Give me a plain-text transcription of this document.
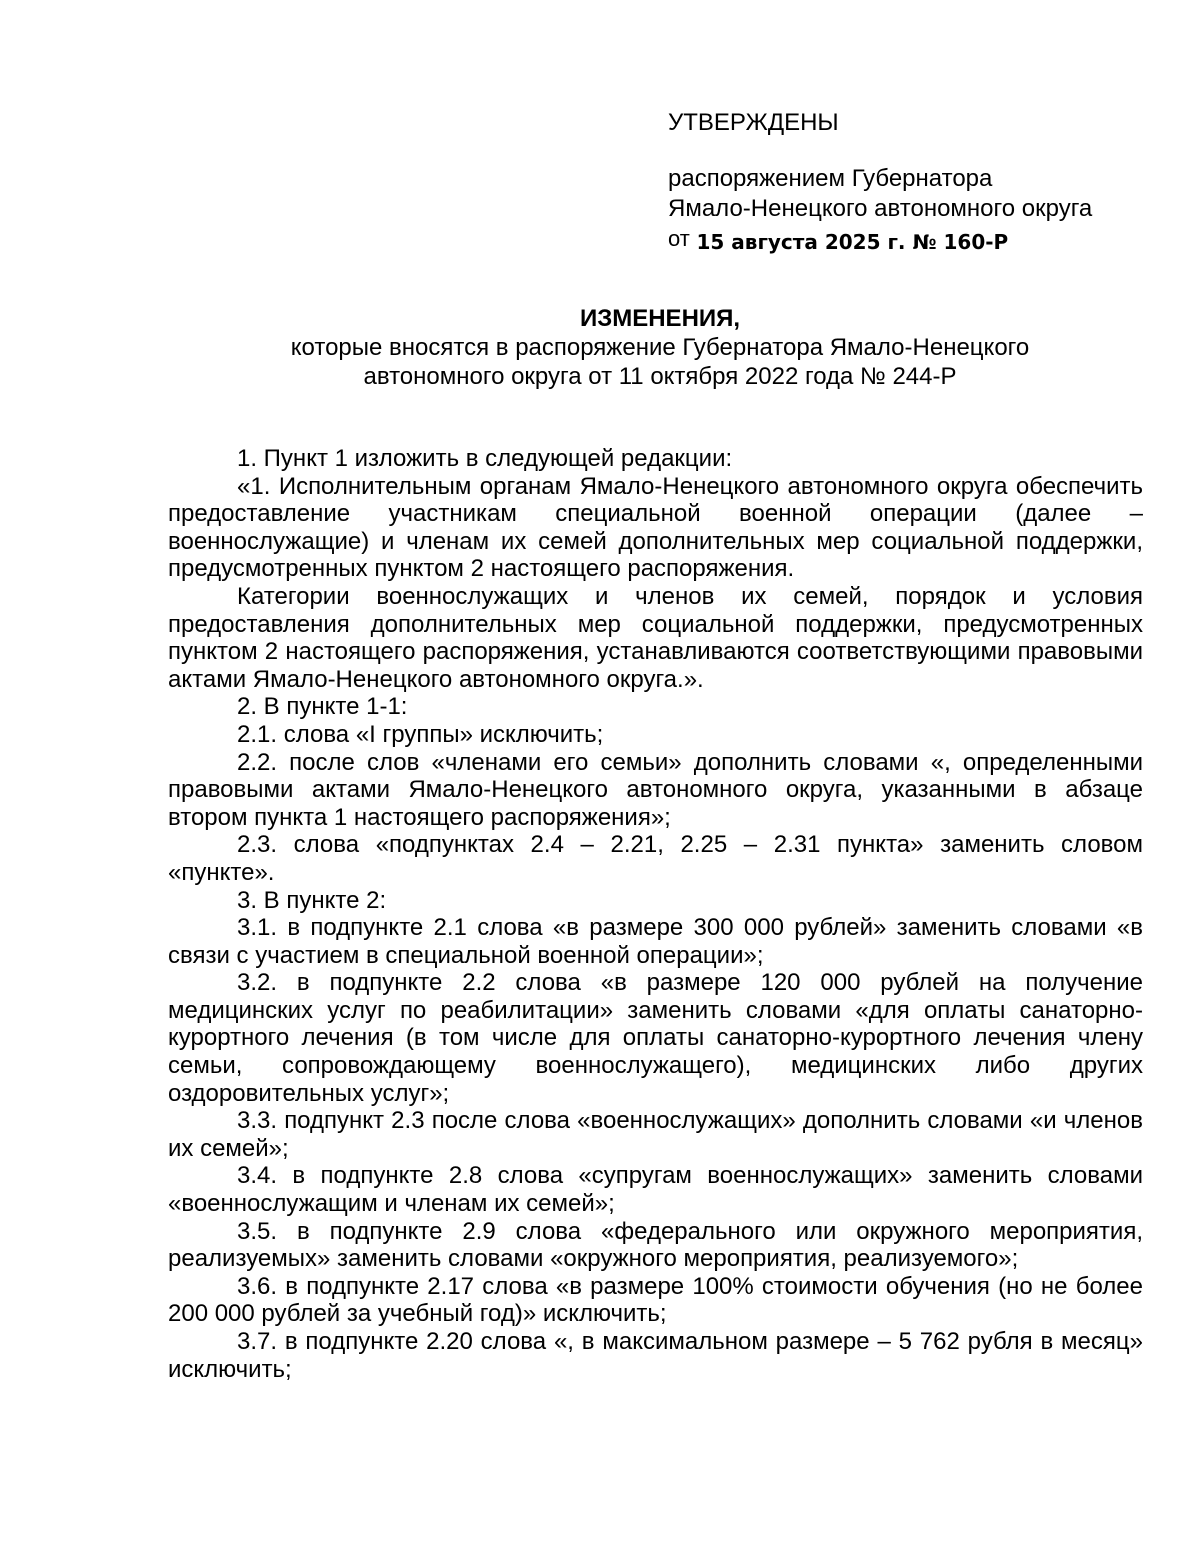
УТВЕРЖДЕНЫ

распоряжением Губернатора

Ямало-Ненецкого автономного округа

от 15 августа 2025 г. № 160-Р

ИЗМЕНЕНИЯ,

которые вносятся в распоряжение Губернатора Ямало-Ненецкого

автономного округа от 11 октября 2022 года № 244-Р

1. Пункт 1 изложить в следующей редакции:

«1. Исполнительным органам Ямало-Ненецкого автономного округа обеспечить предоставление участникам специальной военной операции (далее – военнослужащие) и членам их семей дополнительных мер социальной поддержки, предусмотренных пунктом 2 настоящего распоряжения.

Категории военнослужащих и членов их семей, порядок и условия предоставления дополнительных мер социальной поддержки, предусмотренных пунктом 2 настоящего распоряжения, устанавливаются соответствующими правовыми актами Ямало-Ненецкого автономного округа.».

2. В пункте 1-1:

2.1. слова «I группы» исключить;

2.2. после слов «членами его семьи» дополнить словами «, определенными правовыми актами Ямало-Ненецкого автономного округа, указанными в абзаце втором пункта 1 настоящего распоряжения»;

2.3. слова «подпунктах 2.4 – 2.21, 2.25 – 2.31 пункта» заменить словом «пункте».

3. В пункте 2:

3.1. в подпункте 2.1 слова «в размере 300 000 рублей» заменить словами «в связи с участием в специальной военной операции»;

3.2. в подпункте 2.2 слова «в размере 120 000 рублей на получение медицинских услуг по реабилитации» заменить словами «для оплаты санаторно-курортного лечения (в том числе для оплаты санаторно-курортного лечения члену семьи, сопровождающему военнослужащего), медицинских либо других оздоровительных услуг»;

3.3. подпункт 2.3 после слова «военнослужащих» дополнить словами «и членов их семей»;

3.4. в подпункте 2.8 слова «супругам военнослужащих» заменить словами «военнослужащим и членам их семей»;

3.5. в подпункте 2.9 слова «федерального или окружного мероприятия, реализуемых» заменить словами «окружного мероприятия, реализуемого»;

3.6. в подпункте 2.17 слова «в размере 100% стоимости обучения (но не более 200 000 рублей за учебный год)» исключить;

3.7. в подпункте 2.20 слова «, в максимальном размере – 5 762 рубля в месяц» исключить;
